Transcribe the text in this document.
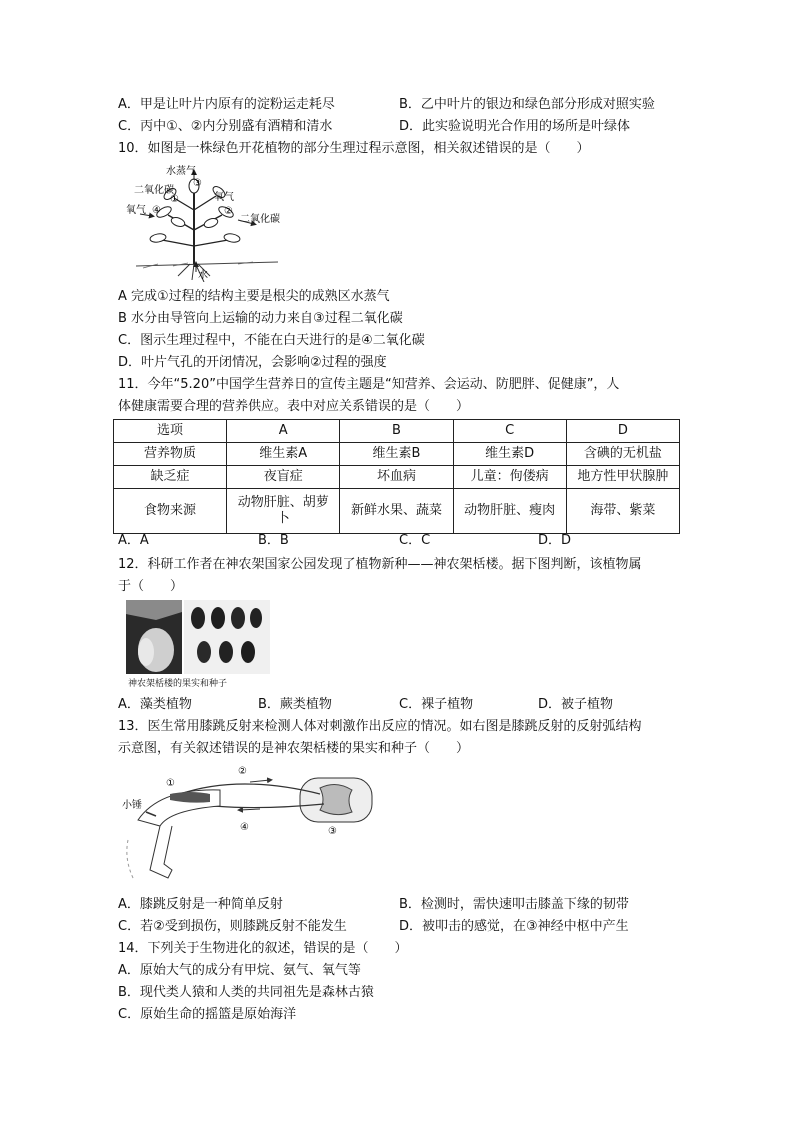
A．甲是让叶片内原有的淀粉运走耗尽	B．乙中叶片的银边和绿色部分形成对照实验
C．丙中①、②内分别盛有酒精和清水	D．此实验说明光合作用的场所是叶绿体
10．如图是一株绿色开花植物的部分生理过程示意图，相关叙述错误的是（　　）
水蒸气
③
二氧化碳
氧气
①
氧气 ④	②
二氧化碳
水
A 完成①过程的结构主要是根尖的成熟区水蒸气
B 水分由导管向上运输的动力来自③过程二氧化碳
C．图示生理过程中，不能在白天进行的是④二氧化碳
D．叶片气孔的开闭情况，会影响②过程的强度
11．今年“5.20”中国学生营养日的宣传主题是“知营养、会运动、防肥胖、促健康”，人
体健康需要合理的营养供应。表中对应关系错误的是（　　）
选项	A	B	C	D
营养物质	维生素A	维生素B	维生素D	含碘的无机盐
缺乏症	夜盲症	坏血病	儿童：佝偻病	地方性甲状腺肿
食物来源	动物肝脏、胡萝卜	新鲜水果、蔬菜	动物肝脏、瘦肉	海带、紫菜
A．A	B．B	C．C	D．D
12．科研工作者在神农架国家公园发现了植物新种——神农架栝楼。据下图判断，该植物属
于（　　）
神农架栝楼的果实和种子
A．藻类植物	B．蕨类植物	C．裸子植物	D．被子植物
13．医生常用膝跳反射来检测人体对刺激作出反应的情况。如右图是膝跳反射的反射弧结构
示意图，有关叙述错误的是神农架栝楼的果实和种子（　　）
①
②
③
④
小锤
A．膝跳反射是一种简单反射	B．检测时，需快速叩击膝盖下缘的韧带
C．若②受到损伤，则膝跳反射不能发生	D．被叩击的感觉，在③神经中枢中产生
14．下列关于生物进化的叙述，错误的是（　　）
A．原始大气的成分有甲烷、氨气、氧气等
B．现代类人猿和人类的共同祖先是森林古猿
C．原始生命的摇篮是原始海洋
